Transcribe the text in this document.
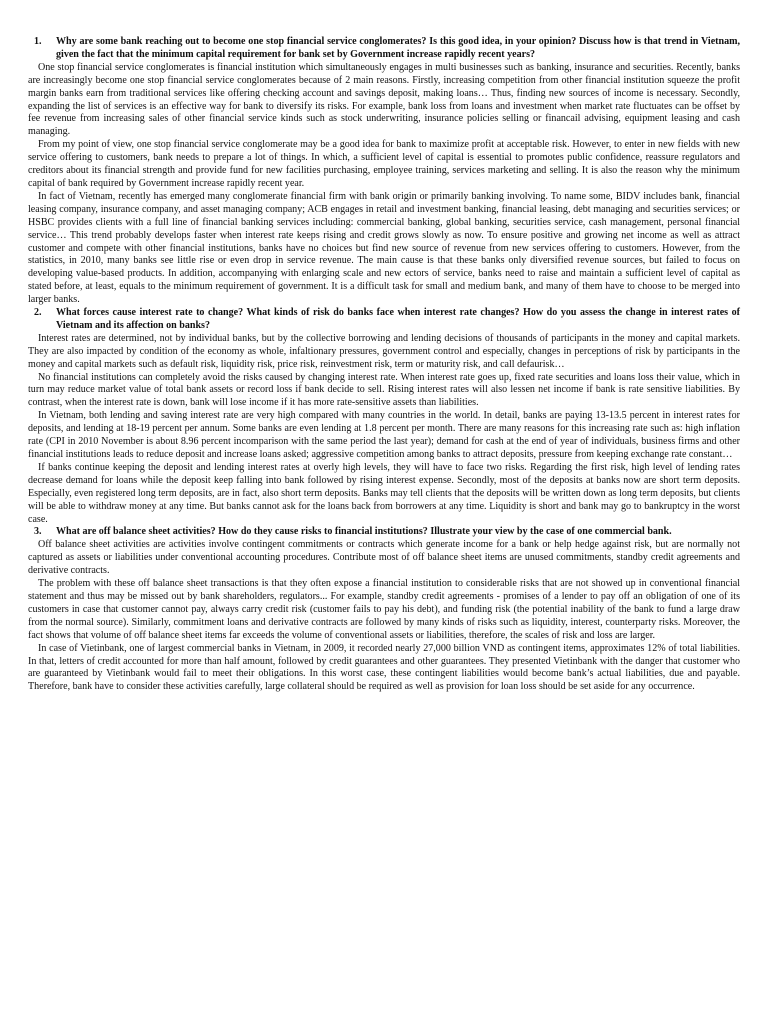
1. Why are some bank reaching out to become one stop financial service conglomerates? Is this good idea, in your opinion? Discuss how is that trend in Vietnam, given the fact that the minimum capital requirement for bank set by Government increase rapidly recent years?

One stop financial service conglomerates is financial institution which simultaneously engages in multi businesses such as banking, insurance and securities. Recently, banks are increasingly become one stop financial service conglomerates because of 2 main reasons. Firstly, increasing competition from other financial institution squeeze the profit margin banks earn from traditional services like offering checking account and savings deposit, making loans… Thus, finding new sources of income is necessary. Secondly, expanding the list of services is an effective way for bank to diversify its risks. For example, bank loss from loans and investment when market rate fluctuates can be offset by fee revenue from increasing sales of other financial service kinds such as stock underwriting, insurance policies selling or financail advising, equipment leasing and cash managing.

From my point of view, one stop financial service conglomerate may be a good idea for bank to maximize profit at acceptable risk. However, to enter in new fields with new service offering to customers, bank needs to prepare a lot of things. In which, a sufficient level of capital is essential to promotes public confidence, reassure regulators and creditors about its financial strength and provide fund for new facilities purchasing, employee training, services marketing and selling. It is also the reason why the minimum capital of bank required by Government increase rapidly recent year.

In fact of Vietnam, recently has emerged many conglomerate financial firm with bank origin or primarily banking involving. To name some, BIDV includes bank, financial leasing company, insurance company, and asset managing company; ACB engages in retail and investment banking, financial leasing, debt managing and securities services; or HSBC provides clients with a full line of financial banking services including: commercial banking, global banking, securities service, cash management, personal financial service… This trend probably develops faster when interest rate keeps rising and credit grows slowly as now. To ensure positive and growing net income as well as attract customer and compete with other financial institutions, banks have no choices but find new source of revenue from new services offering to customers. However, from the statistics, in 2010, many banks see little rise or even drop in service revenue. The main cause is that these banks only diversified revenue sources, but failed to focus on developing value-based products. In addition, accompanying with enlarging scale and new ectors of service, banks need to raise and maintain a sufficient level of capital as stated before, at least, equals to the minimum requirement of government. It is a difficult task for small and medium bank, and many of them have to choose to be merged into larger banks.

2. What forces cause interest rate to change? What kinds of risk do banks face when interest rate changes? How do you assess the change in interest rates of Vietnam and its affection on banks?

Interest rates are determined, not by individual banks, but by the collective borrowing and lending decisions of thousands of participants in the money and capital markets. They are also impacted by condition of the economy as whole, infaltionary pressures, government control and especially, changes in perceptions of risk by participants in the money and capital markets such as default risk, liquidity risk, price risk, reinvestment risk, term or maturity risk, and call defaurisk…

No financial institutions can completely avoid the risks caused by changing interest rate. When interest rate goes up, fixed rate securities and loans loss their value, which in turn may reduce market value of total bank assets or record loss if bank decide to sell. Rising interest rates will also lessen net income if bank is rate sensitive liabilities. By contrast, when the interest rate is down, bank will lose income if it has more rate-sensitive assets than liabilities.

In Vietnam, both lending and saving interest rate are very high compared with many countries in the world. In detail, banks are paying 13-13.5 percent in interest rates for deposits, and lending at 18-19 percent per annum. Some banks are even lending at 1.8 percent per month. There are many reasons for this increasing rate such as: high inflation rate (CPI in 2010 November is about 8.96 percent incomparison with the same period the last year); demand for cash at the end of year of individuals, business firms and other financial institutions leads to reduce deposit and increase loans asked; aggressive competition among banks to attract deposits, pressure from keeping exchange rate constant…

If banks continue keeping the deposit and lending interest rates at overly high levels, they will have to face two risks. Regarding the first risk, high level of lending rates decrease demand for loans while the deposit keep falling into bank followed by rising interest expense. Secondly, most of the deposits at banks now are short term deposits. Especially, even registered long term deposits, are in fact, also short term deposits. Banks may tell clients that the deposits will be written down as long term deposits, but clients will be able to withdraw money at any time. But banks cannot ask for the loans back from borrowers at any time. Liquidity is short and bank may go to bankruptcy in the worst case.

3. What are off balance sheet activities? How do they cause risks to financial institutions? Illustrate your view by the case of one commercial bank.

Off balance sheet activities are activities involve contingent commitments or contracts which generate income for a bank or help hedge against risk, but are normally not captured as assets or liabilities under conventional accounting procedures. Contribute most of off balance sheet items are unused commitments, standby credit agreements and derivative contracts.

The problem with these off balance sheet transactions is that they often expose a financial institution to considerable risks that are not showed up in conventional financial statement and thus may be missed out by bank shareholders, regulators... For example, standby credit agreements - promises of a lender to pay off an obligation of one of its customers in case that customer cannot pay, always carry credit risk (customer fails to pay his debt), and funding risk (the potential inability of the bank to fund a large draw from the normal source). Similarly, commitment loans and derivative contracts are followed by many kinds of risks such as liquidity, interest, counterparty risks. Moreover, the fact shows that volume of off balance sheet items far exceeds the volume of conventional assets or liabilities, therefore, the scales of risk and loss are larger.

In case of Vietinbank, one of largest commercial banks in Vietnam, in 2009, it recorded nearly 27,000 billion VND as contingent items, approximates 12% of total liabilities. In that, letters of credit accounted for more than half amount, followed by credit guarantees and other guarantees. They presented Vietinbank with the danger that customer who are guaranteed by Vietinbank would fail to meet their obligations. In this worst case, these contingent liabilities would become bank’s actual liabilities, due and payable. Therefore, bank have to consider these activities carefully, large collateral should be required as well as provision for loan loss should be set aside for any occurrence.
